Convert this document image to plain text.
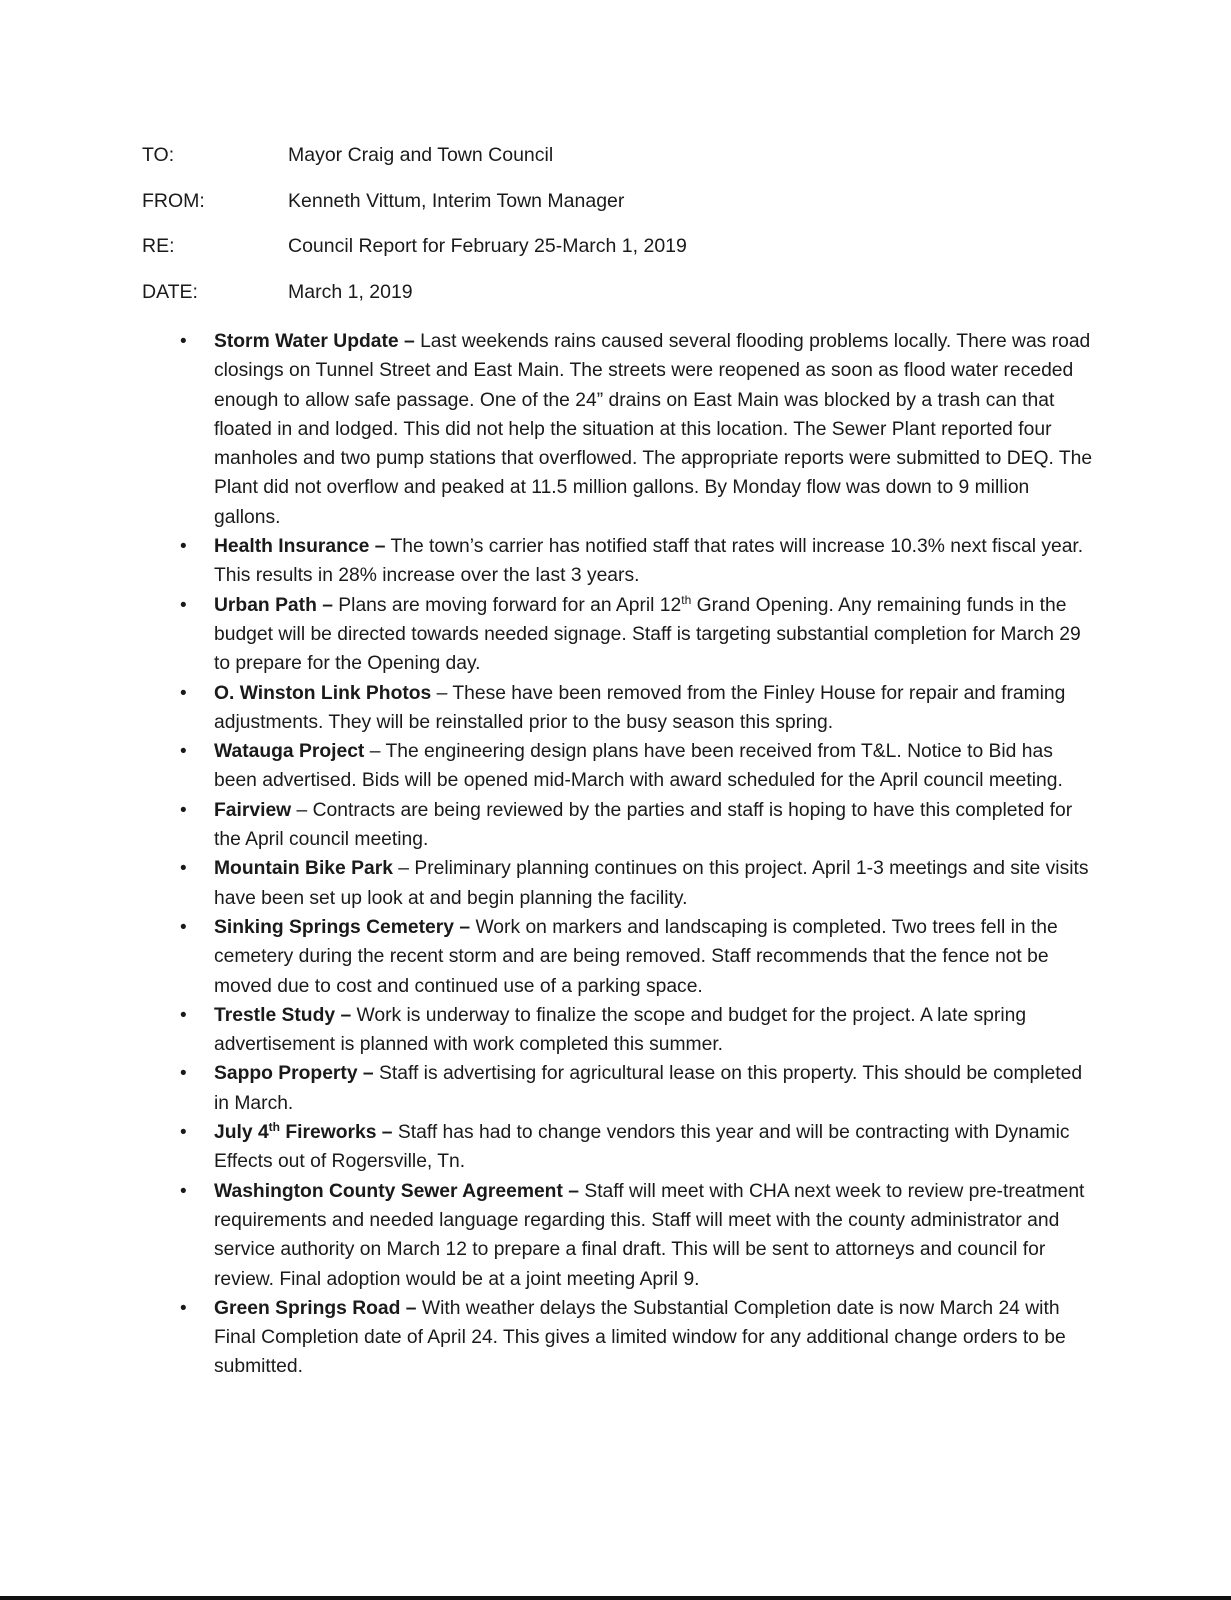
TO:	Mayor Craig and Town Council
FROM:	Kenneth Vittum, Interim Town Manager
RE:	Council Report for February 25-March 1, 2019
DATE:	March 1, 2019
• Storm Water Update – Last weekends rains caused several flooding problems locally. There was road closings on Tunnel Street and East Main. The streets were reopened as soon as flood water receded enough to allow safe passage. One of the 24” drains on East Main was blocked by a trash can that floated in and lodged. This did not help the situation at this location. The Sewer Plant reported four manholes and two pump stations that overflowed. The appropriate reports were submitted to DEQ. The Plant did not overflow and peaked at 11.5 million gallons. By Monday flow was down to 9 million gallons.
• Health Insurance – The town’s carrier has notified staff that rates will increase 10.3% next fiscal year. This results in 28% increase over the last 3 years.
• Urban Path – Plans are moving forward for an April 12th Grand Opening. Any remaining funds in the budget will be directed towards needed signage. Staff is targeting substantial completion for March 29 to prepare for the Opening day.
• O. Winston Link Photos – These have been removed from the Finley House for repair and framing adjustments. They will be reinstalled prior to the busy season this spring.
• Watauga Project – The engineering design plans have been received from T&L. Notice to Bid has been advertised. Bids will be opened mid-March with award scheduled for the April council meeting.
• Fairview – Contracts are being reviewed by the parties and staff is hoping to have this completed for the April council meeting.
• Mountain Bike Park – Preliminary planning continues on this project. April 1-3 meetings and site visits have been set up look at and begin planning the facility.
• Sinking Springs Cemetery – Work on markers and landscaping is completed. Two trees fell in the cemetery during the recent storm and are being removed. Staff recommends that the fence not be moved due to cost and continued use of a parking space.
• Trestle Study – Work is underway to finalize the scope and budget for the project. A late spring advertisement is planned with work completed this summer.
• Sappo Property – Staff is advertising for agricultural lease on this property. This should be completed in March.
• July 4th Fireworks – Staff has had to change vendors this year and will be contracting with Dynamic Effects out of Rogersville, Tn.
• Washington County Sewer Agreement – Staff will meet with CHA next week to review pre-treatment requirements and needed language regarding this. Staff will meet with the county administrator and service authority on March 12 to prepare a final draft. This will be sent to attorneys and council for review. Final adoption would be at a joint meeting April 9.
• Green Springs Road – With weather delays the Substantial Completion date is now March 24 with Final Completion date of April 24. This gives a limited window for any additional change orders to be submitted.
